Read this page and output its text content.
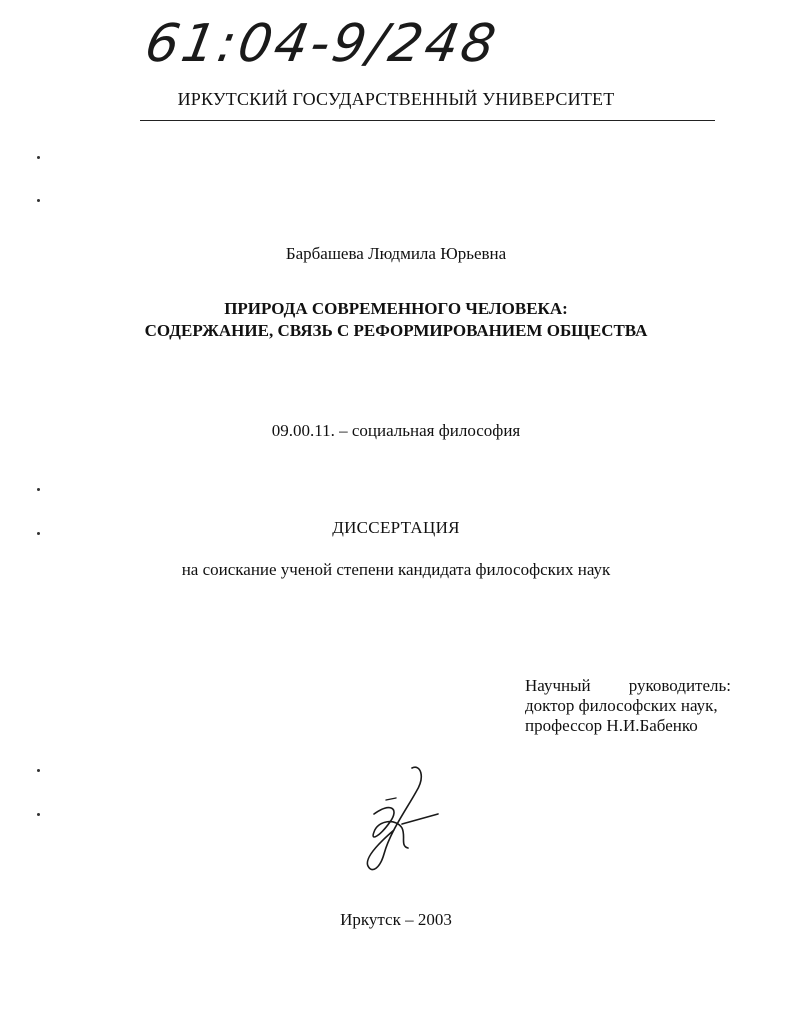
61:04-9/248
ИРКУТСКИЙ ГОСУДАРСТВЕННЫЙ УНИВЕРСИТЕТ
Барбашева Людмила Юрьевна
ПРИРОДА СОВРЕМЕННОГО ЧЕЛОВЕКА:
СОДЕРЖАНИЕ, СВЯЗЬ С РЕФОРМИРОВАНИЕМ ОБЩЕСТВА
09.00.11. – социальная философия
ДИССЕРТАЦИЯ
на соискание ученой степени кандидата философских наук
Научный руководитель:
доктор философских наук,
профессор Н.И.Бабенко
Иркутск – 2003
